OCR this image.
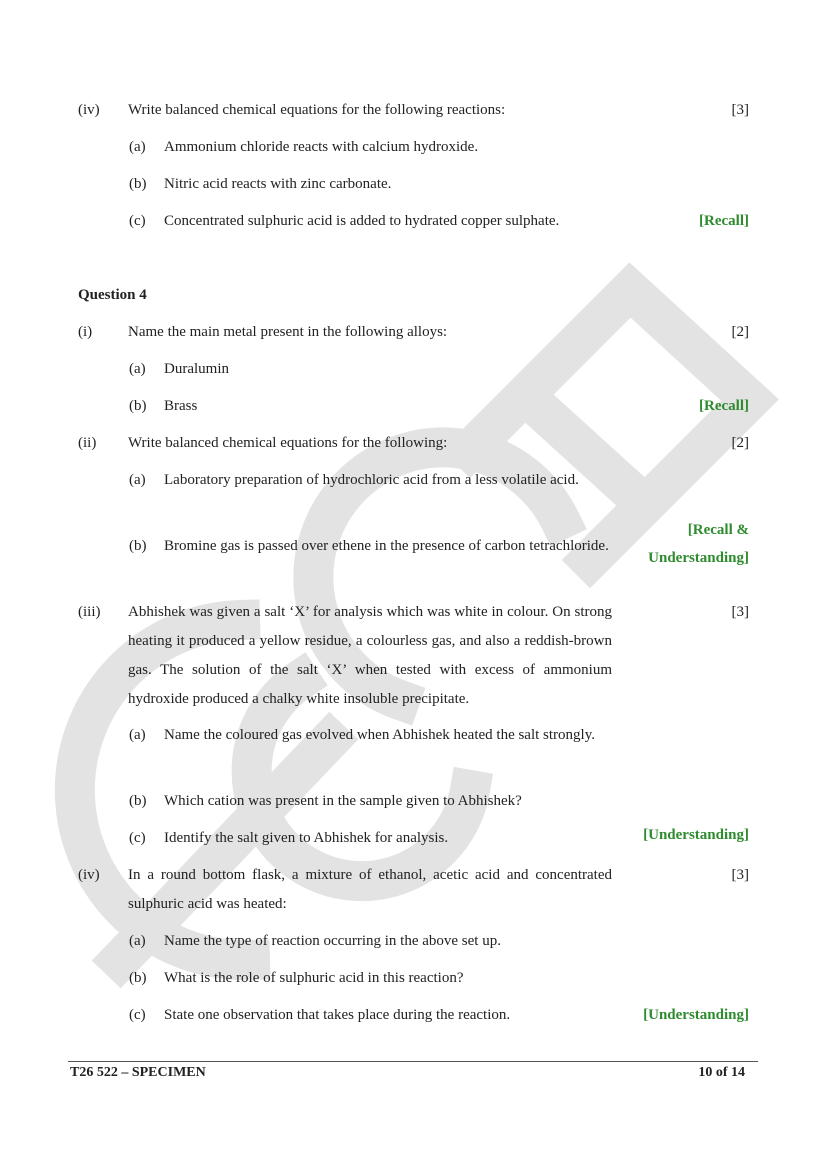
(iv) Write balanced chemical equations for the following reactions:	[3]
(a) Ammonium chloride reacts with calcium hydroxide.
(b) Nitric acid reacts with zinc carbonate.
(c) Concentrated sulphuric acid is added to hydrated copper sulphate.	[Recall]
Question 4
(i) Name the main metal present in the following alloys:	[2]
(a) Duralumin
(b) Brass	[Recall]
(ii) Write balanced chemical equations for the following:	[2]
(a) Laboratory preparation of hydrochloric acid from a less volatile acid.
(b) Bromine gas is passed over ethene in the presence of carbon tetrachloride.
[Recall &
Understanding]
(iii) Abhishek was given a salt ‘X’ for analysis which was white in colour. On strong heating it produced a yellow residue, a colourless gas, and also a reddish-brown gas. The solution of the salt ‘X’ when tested with excess of ammonium hydroxide produced a chalky white insoluble precipitate.
[3]
(a) Name the coloured gas evolved when Abhishek heated the salt strongly.
(b) Which cation was present in the sample given to Abhishek?
(c) Identify the salt given to Abhishek for analysis.	[Understanding]
(iv) In a round bottom flask, a mixture of ethanol, acetic acid and concentrated sulphuric acid was heated:
[3]
(a) Name the type of reaction occurring in the above set up.
(b) What is the role of sulphuric acid in this reaction?
(c) State one observation that takes place during the reaction.	[Understanding]
T26 522 – SPECIMEN	10 of 14
